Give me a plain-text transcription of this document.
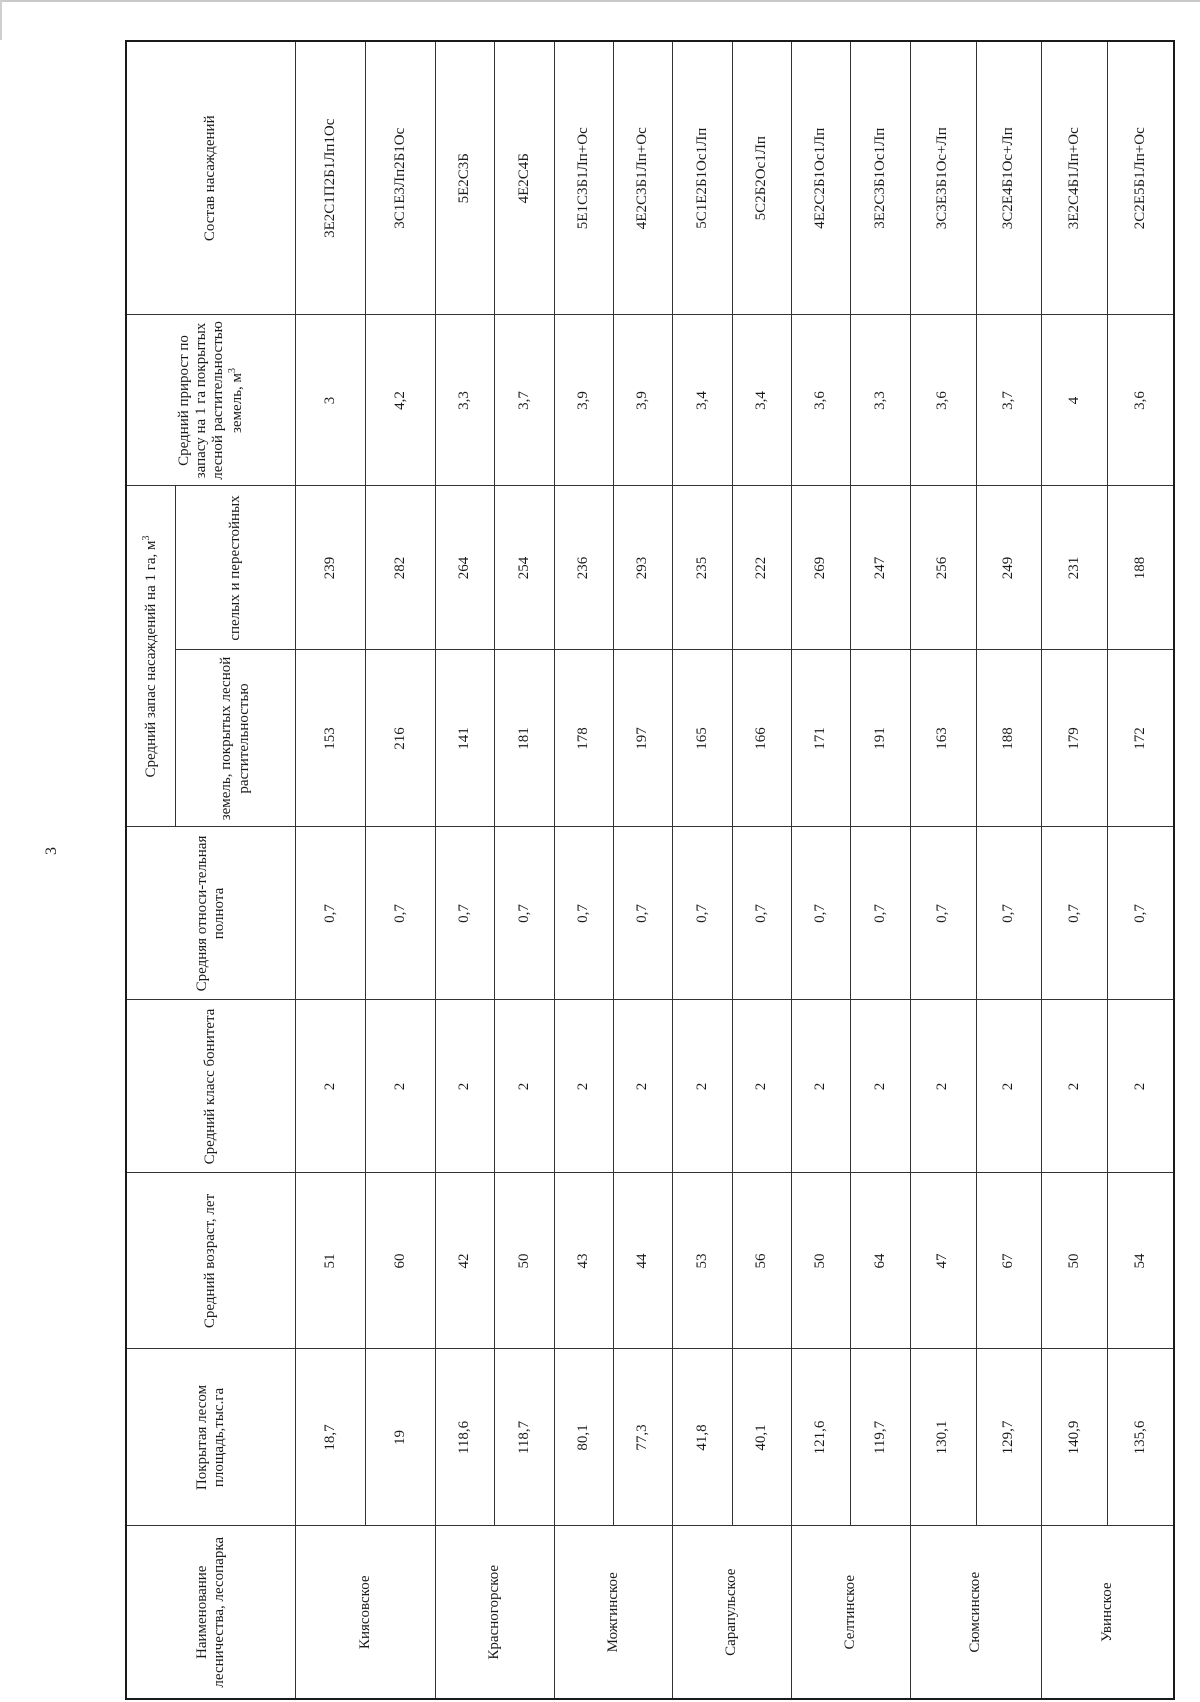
3
Наименование лесничества, лесопарка	Покрытая лесом площадь,тыс.га	Средний возраст, лет	Средний класс бонитета	Средняя относи-тельная полнота	Средний запас насаждений на 1 га, $м^3$		Средний прирост по запасу на 1 га покрытых лесной растительностью земель, $м^3$	Состав насаждений
					земель, покрытых лесной растительностью	спелых и перестойных		
Киясовское	18,7	51	2	0,7	153	239	3	3Е2С1П2Б1Лп1Ос
	19	60	2	0,7	216	282	4,2	3С1Е3Лп2Б1Ос
Красногорское	118,6	42	2	0,7	141	264	3,3	5Е2С3Б
	118,7	50	2	0,7	181	254	3,7	4Е2С4Б
Можгинское	80,1	43	2	0,7	178	236	3,9	5Е1С3Б1Лп+Ос
	77,3	44	2	0,7	197	293	3,9	4Е2С3Б1Лп+Ос
Сарапульское	41,8	53	2	0,7	165	235	3,4	5С1Е2Б1Ос1Лп
	40,1	56	2	0,7	166	222	3,4	5С2Б2Ос1Лп
Селтинское	121,6	50	2	0,7	171	269	3,6	4Е2С2Б1Ос1Лп
	119,7	64	2	0,7	191	247	3,3	3Е2С3Б1Ос1Лп
Сюмсинское	130,1	47	2	0,7	163	256	3,6	3С3Е3Б1Ос+Лп
	129,7	67	2	0,7	188	249	3,7	3С2Е4Б1Ос+Лп
Увинское	140,9	50	2	0,7	179	231	4	3Е2С4Б1Лп+Ос
	135,6	54	2	0,7	172	188	3,6	2С2Е5Б1Лп+Ос
